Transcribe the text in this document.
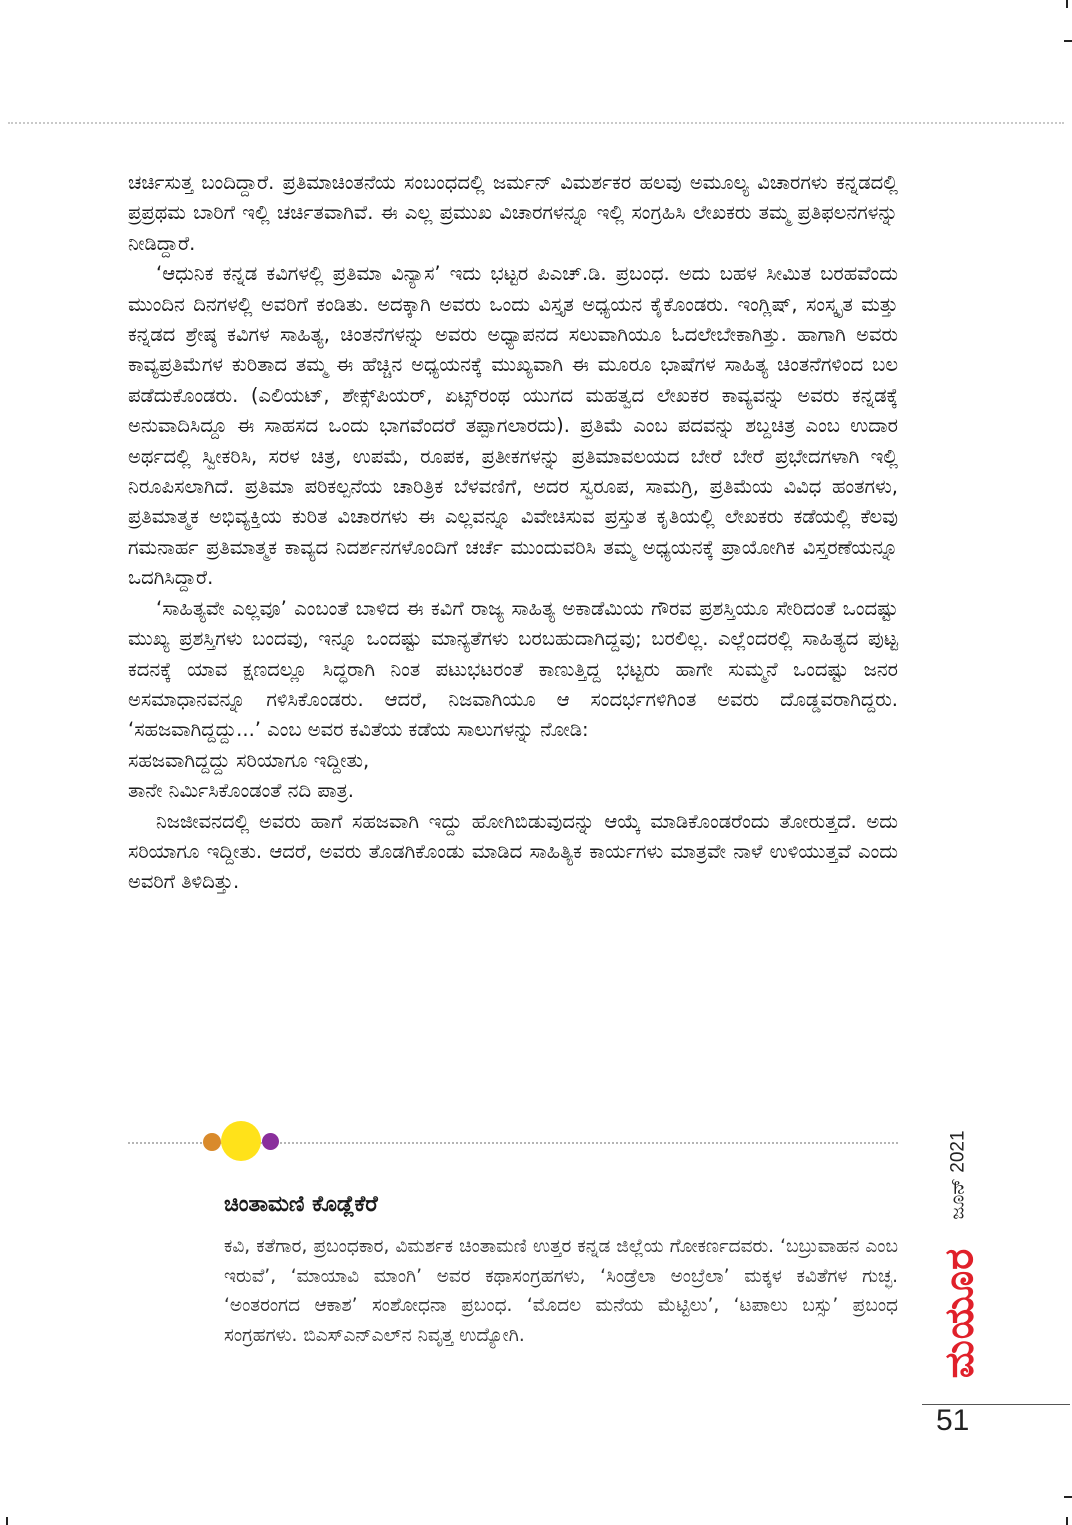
ಚರ್ಚಿಸುತ್ತ ಬಂದಿದ್ದಾರೆ. ಪ್ರತಿಮಾಚಿಂತನೆಯ ಸಂಬಂಧದಲ್ಲಿ ಜರ್ಮನ್ ವಿಮರ್ಶಕರ ಹಲವು ಅಮೂಲ್ಯ ವಿಚಾರಗಳು ಕನ್ನಡದಲ್ಲಿ ಪ್ರಪ್ರಥಮ ಬಾರಿಗೆ ಇಲ್ಲಿ ಚರ್ಚಿತವಾಗಿವೆ. ಈ ಎಲ್ಲ ಪ್ರಮುಖ ವಿಚಾರಗಳನ್ನೂ ಇಲ್ಲಿ ಸಂಗ್ರಹಿಸಿ ಲೇಖಕರು ತಮ್ಮ ಪ್ರತಿಫಲನಗಳನ್ನು ನೀಡಿದ್ದಾರೆ.

‘ಆಧುನಿಕ ಕನ್ನಡ ಕವಿಗಳಲ್ಲಿ ಪ್ರತಿಮಾ ವಿನ್ಯಾಸ’ ಇದು ಭಟ್ಟರ ಪಿಎಚ್.ಡಿ. ಪ್ರಬಂಧ. ಅದು ಬಹಳ ಸೀಮಿತ ಬರಹವೆಂದು ಮುಂದಿನ ದಿನಗಳಲ್ಲಿ ಅವರಿಗೆ ಕಂಡಿತು. ಅದಕ್ಕಾಗಿ ಅವರು ಒಂದು ವಿಸ್ತೃತ ಅಧ್ಯಯನ ಕೈಕೊಂಡರು. ಇಂಗ್ಲಿಷ್, ಸಂಸ್ಕೃತ ಮತ್ತು ಕನ್ನಡದ ಶ್ರೇಷ್ಠ ಕವಿಗಳ ಸಾಹಿತ್ಯ, ಚಿಂತನೆಗಳನ್ನು ಅವರು ಅಧ್ಯಾಪನದ ಸಲುವಾಗಿಯೂ ಓದಲೇಬೇಕಾಗಿತ್ತು. ಹಾಗಾಗಿ ಅವರು ಕಾವ್ಯಪ್ರತಿಮೆಗಳ ಕುರಿತಾದ ತಮ್ಮ ಈ ಹೆಚ್ಚಿನ ಅಧ್ಯಯನಕ್ಕೆ ಮುಖ್ಯವಾಗಿ ಈ ಮೂರೂ ಭಾಷೆಗಳ ಸಾಹಿತ್ಯ ಚಿಂತನೆಗಳಿಂದ ಬಲ ಪಡೆದುಕೊಂಡರು. (ಎಲಿಯಟ್, ಶೇಕ್ಸ್‌ಪಿಯರ್, ಏಟ್ಸ್‌ರಂಥ ಯುಗದ ಮಹತ್ವದ ಲೇಖಕರ ಕಾವ್ಯವನ್ನು ಅವರು ಕನ್ನಡಕ್ಕೆ ಅನುವಾದಿಸಿದ್ದೂ ಈ ಸಾಹಸದ ಒಂದು ಭಾಗವೆಂದರೆ ತಪ್ಪಾಗಲಾರದು). ಪ್ರತಿಮೆ ಎಂಬ ಪದವನ್ನು ಶಬ್ದಚಿತ್ರ ಎಂಬ ಉದಾರ ಅರ್ಥದಲ್ಲಿ ಸ್ವೀಕರಿಸಿ, ಸರಳ ಚಿತ್ರ, ಉಪಮೆ, ರೂಪಕ, ಪ್ರತೀಕಗಳನ್ನು ಪ್ರತಿಮಾವಲಯದ ಬೇರೆ ಬೇರೆ ಪ್ರಭೇದಗಳಾಗಿ ಇಲ್ಲಿ ನಿರೂಪಿಸಲಾಗಿದೆ. ಪ್ರತಿಮಾ ಪರಿಕಲ್ಪನೆಯ ಚಾರಿತ್ರಿಕ ಬೆಳವಣಿಗೆ, ಅದರ ಸ್ವರೂಪ, ಸಾಮಗ್ರಿ, ಪ್ರತಿಮೆಯ ವಿವಿಧ ಹಂತಗಳು, ಪ್ರತಿಮಾತ್ಮಕ ಅಭಿವ್ಯಕ್ತಿಯ ಕುರಿತ ವಿಚಾರಗಳು ಈ ಎಲ್ಲವನ್ನೂ ವಿವೇಚಿಸುವ ಪ್ರಸ್ತುತ ಕೃತಿಯಲ್ಲಿ ಲೇಖಕರು ಕಡೆಯಲ್ಲಿ ಕೆಲವು ಗಮನಾರ್ಹ ಪ್ರತಿಮಾತ್ಮಕ ಕಾವ್ಯದ ನಿದರ್ಶನಗಳೊಂದಿಗೆ ಚರ್ಚೆ ಮುಂದುವರಿಸಿ ತಮ್ಮ ಅಧ್ಯಯನಕ್ಕೆ ಪ್ರಾಯೋಗಿಕ ವಿಸ್ತರಣೆಯನ್ನೂ ಒದಗಿಸಿದ್ದಾರೆ.

‘ಸಾಹಿತ್ಯವೇ ಎಲ್ಲವೂ’ ಎಂಬಂತೆ ಬಾಳಿದ ಈ ಕವಿಗೆ ರಾಜ್ಯ ಸಾಹಿತ್ಯ ಅಕಾಡೆಮಿಯ ಗೌರವ ಪ್ರಶಸ್ತಿಯೂ ಸೇರಿದಂತೆ ಒಂದಷ್ಟು ಮುಖ್ಯ ಪ್ರಶಸ್ತಿಗಳು ಬಂದವು, ಇನ್ನೂ ಒಂದಷ್ಟು ಮಾನ್ಯತೆಗಳು ಬರಬಹುದಾಗಿದ್ದವು; ಬರಲಿಲ್ಲ. ಎಲ್ಲೆಂದರಲ್ಲಿ ಸಾಹಿತ್ಯದ ಪುಟ್ಟ ಕದನಕ್ಕೆ ಯಾವ ಕ್ಷಣದಲ್ಲೂ ಸಿದ್ಧರಾಗಿ ನಿಂತ ಪಟುಭಟರಂತೆ ಕಾಣುತ್ತಿದ್ದ ಭಟ್ಟರು ಹಾಗೇ ಸುಮ್ಮನೆ ಒಂದಷ್ಟು ಜನರ ಅಸಮಾಧಾನವನ್ನೂ ಗಳಿಸಿಕೊಂಡರು. ಆದರೆ, ನಿಜವಾಗಿಯೂ ಆ ಸಂದರ್ಭಗಳಿಗಿಂತ ಅವರು ದೊಡ್ಡವರಾಗಿದ್ದರು. ‘ಸಹಜವಾಗಿದ್ದದ್ದು...’ ಎಂಬ ಅವರ ಕವಿತೆಯ ಕಡೆಯ ಸಾಲುಗಳನ್ನು ನೋಡಿ:

ಸಹಜವಾಗಿದ್ದದ್ದು ಸರಿಯಾಗೂ ಇದ್ದೀತು,

ತಾನೇ ನಿರ್ಮಿಸಿಕೊಂಡಂತೆ ನದಿ ಪಾತ್ರ.

ನಿಜಜೀವನದಲ್ಲಿ ಅವರು ಹಾಗೆ ಸಹಜವಾಗಿ ಇದ್ದು ಹೋಗಿಬಿಡುವುದನ್ನು ಆಯ್ಕೆ ಮಾಡಿಕೊಂಡರೆಂದು ತೋರುತ್ತದೆ. ಅದು ಸರಿಯಾಗೂ ಇದ್ದೀತು. ಆದರೆ, ಅವರು ತೊಡಗಿಕೊಂಡು ಮಾಡಿದ ಸಾಹಿತ್ಯಿಕ ಕಾರ್ಯಗಳು ಮಾತ್ರವೇ ನಾಳೆ ಉಳಿಯುತ್ತವೆ ಎಂದು ಅವರಿಗೆ ತಿಳಿದಿತ್ತು.

ಚಿಂತಾಮಣಿ ಕೊಡ್ಲೆಕೆರೆ

ಕವಿ, ಕತೆಗಾರ, ಪ್ರಬಂಧಕಾರ, ವಿಮರ್ಶಕ ಚಿಂತಾಮಣಿ ಉತ್ತರ ಕನ್ನಡ ಜಿಲ್ಲೆಯ ಗೋಕರ್ಣದವರು. ‘ಬಬ್ರುವಾಹನ ಎಂಬ ಇರುವೆ’, ‘ಮಾಯಾವಿ ಮಾಂಗಿ’ ಅವರ ಕಥಾಸಂಗ್ರಹಗಳು, ‘ಸಿಂಡ್ರೆಲಾ ಅಂಬ್ರೆಲಾ’ ಮಕ್ಕಳ ಕವಿತೆಗಳ ಗುಚ್ಛ. ‘ಅಂತರಂಗದ ಆಕಾಶ’ ಸಂಶೋಧನಾ ಪ್ರಬಂಧ. ‘ಮೊದಲ ಮನೆಯ ಮೆಟ್ಟಿಲು’, ‘ಟಪಾಲು ಬಸ್ಸು’ ಪ್ರಬಂಧ ಸಂಗ್ರಹಗಳು. ಬಿಎಸ್‌ಎನ್‌ಎಲ್‌ನ ನಿವೃತ್ತ ಉದ್ಯೋಗಿ.

ಜೂನ್ 2021
ಮಯೂರ
51
